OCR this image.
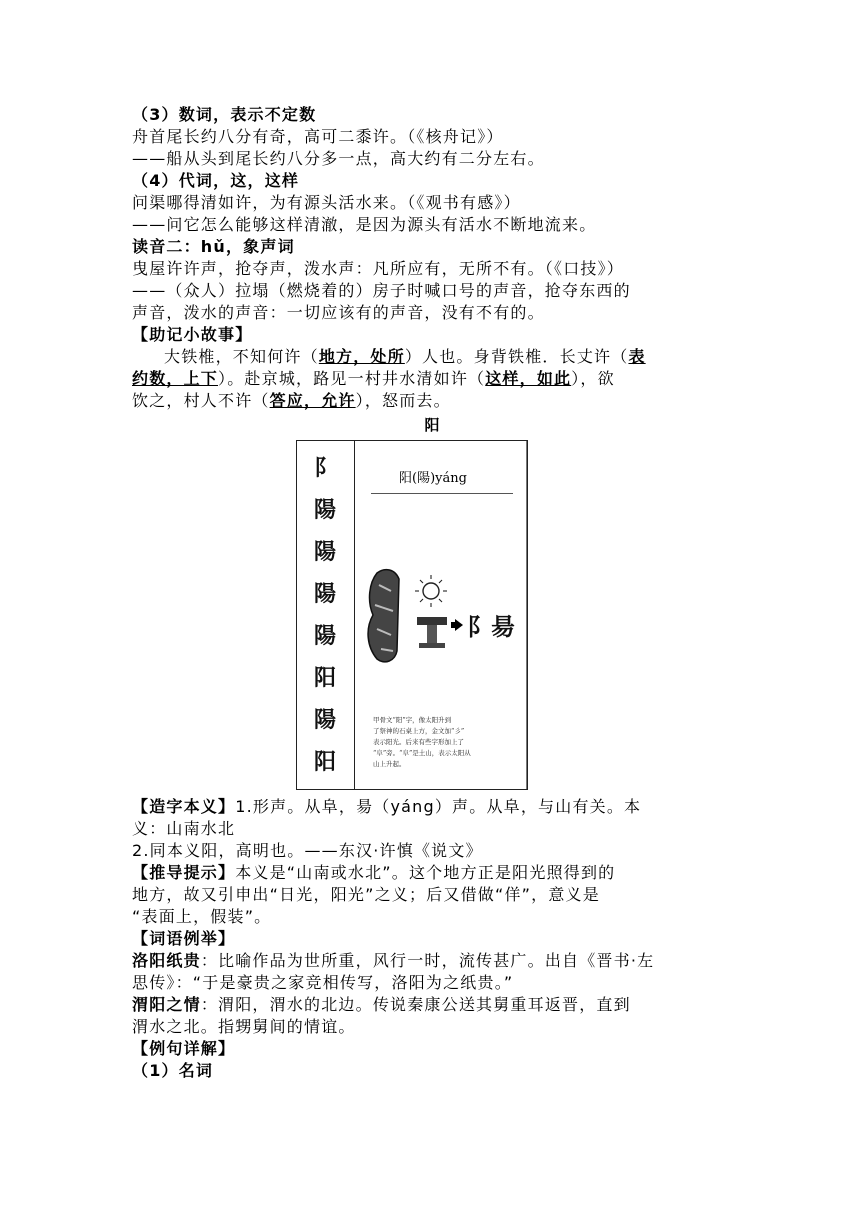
（3）数词，表示不定数
舟首尾长约八分有奇，高可二黍许。（《核舟记》）
——船从头到尾长约八分多一点，高大约有二分左右。
（4）代词，这，这样
问渠哪得清如许，为有源头活水来。（《观书有感》）
——问它怎么能够这样清澈，是因为源头有活水不断地流来。
读音二：hǔ，象声词
曳屋许许声，抢夺声，泼水声：凡所应有，无所不有。（《口技》）
——（众人）拉塌（燃烧着的）房子时喊口号的声音，抢夺东西的
声音，泼水的声音：一切应该有的声音，没有不有的。
【助记小故事】
大铁椎，不知何许（地方，处所）人也。身背铁椎．长丈许（表
约数，上下）。赴京城，路见一村井水清如许（这样，如此），欲
饮之，村人不许（答应，允许），怒而去。
阳
阝
陽
陽
陽
陽
阳
陽
阳
阳(陽)yáng
阝昜
甲骨文“阳”字，像太阳升到
了祭神的石桌上方，金文加“彡”
表示阳光。后来有些字形加上了
“阜”旁。“阜”是土山，表示太阳从
山上升起。
【造字本义】1.形声。从阜，昜（yáng）声。从阜，与山有关。本
义：山南水北
2.同本义阳，高明也。——东汉·许慎《说文》
【推导提示】本义是“山南或水北”。这个地方正是阳光照得到的
地方，故又引申出“日光，阳光”之义；后又借做“佯”，意义是
“表面上，假装”。
【词语例举】
洛阳纸贵：比喻作品为世所重，风行一时，流传甚广。出自《晋书·左
思传》：“于是豪贵之家竞相传写，洛阳为之纸贵。”
渭阳之情：渭阳，渭水的北边。传说秦康公送其舅重耳返晋，直到
渭水之北。指甥舅间的情谊。
【例句详解】
（1）名词
